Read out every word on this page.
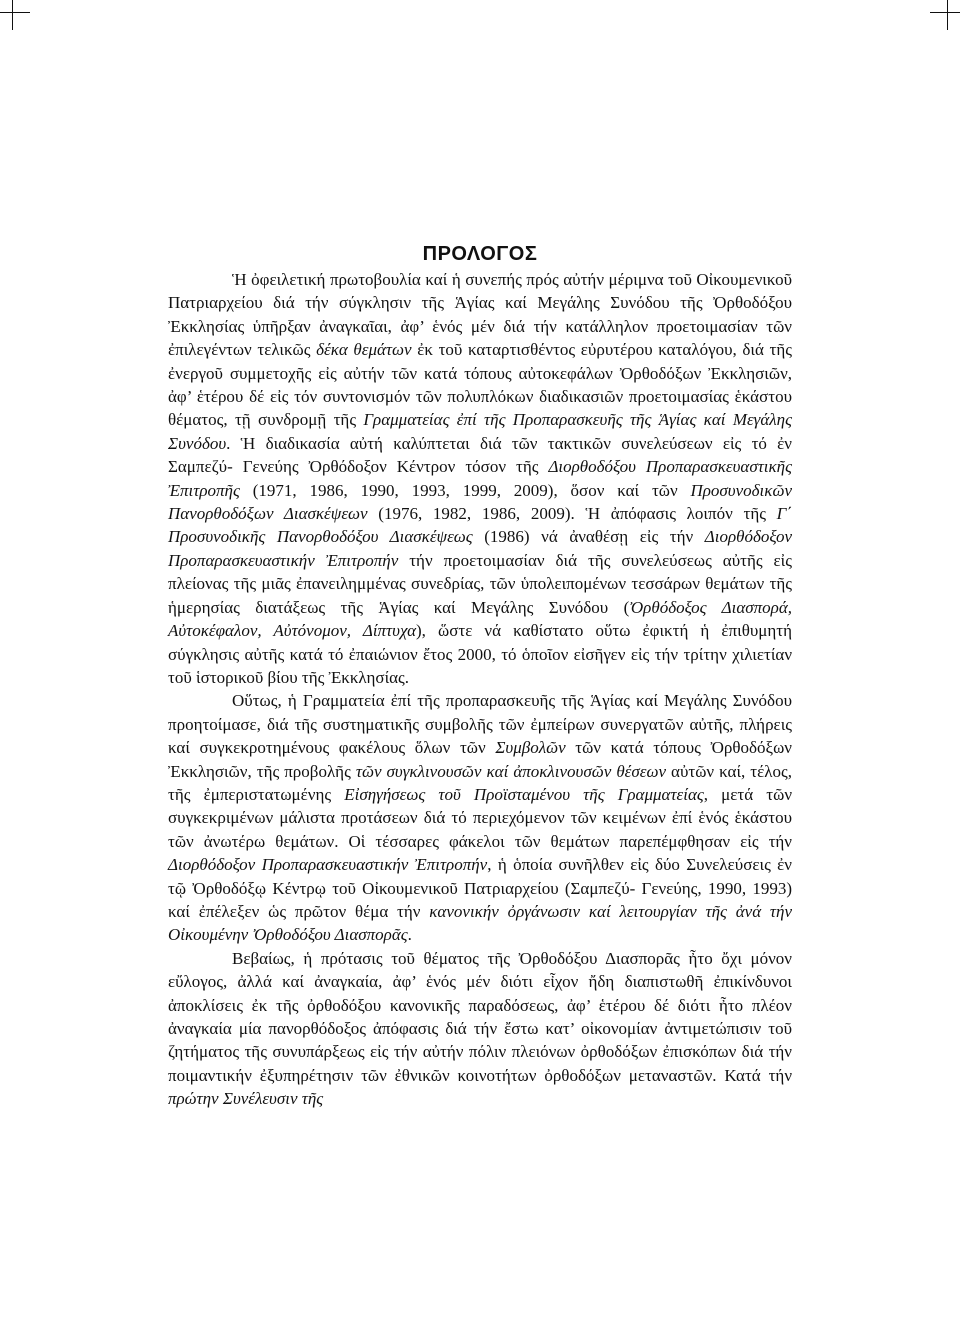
ΠΡΟΛΟΓΟΣ

Ἡ ὀφειλετική πρωτοβουλία καί ἡ συνεπής πρός αὐτήν μέριμνα τοῦ Οἰκουμενικοῦ Πατριαρχείου διά τήν σύγκλησιν τῆς Ἁγίας καί Μεγάλης Συνόδου τῆς Ὀρθοδόξου Ἐκκλησίας ὑπῆρξαν ἀναγκαῖαι, ἀφ’ ἑνός μέν διά τήν κατάλληλον προετοιμασίαν τῶν ἐπιλεγέντων τελικῶς δέκα θεμάτων ἐκ τοῦ καταρτισθέντος εὐρυτέρου καταλόγου, διά τῆς ἐνεργοῦ συμμετοχῆς εἰς αὐτήν τῶν κατά τόπους αὐτοκεφάλων Ὀρθοδόξων Ἐκκλησιῶν, ἀφ’ ἑτέρου δέ εἰς τόν συντονισμόν τῶν πολυπλόκων διαδικασιῶν προετοιμασίας ἑκάστου θέματος, τῇ συνδρομῇ τῆς Γραμματείας ἐπί τῆς Προπαρασκευῆς τῆς Ἁγίας καί Μεγάλης Συνόδου. Ἡ διαδικασία αὐτή καλύπτεται διά τῶν τακτικῶν συνελεύσεων εἰς τό ἐν Σαμπεζύ- Γενεύης Ὀρθόδοξον Κέντρον τόσον τῆς Διορθοδόξου Προπαρασκευαστικῆς Ἐπιτροπῆς (1971, 1986, 1990, 1993, 1999, 2009), ὅσον καί τῶν Προσυνοδικῶν Πανορθοδόξων Διασκέψεων (1976, 1982, 1986, 2009). Ἡ ἀπόφασις λοιπόν τῆς Γ΄ Προσυνοδικῆς Πανορθοδόξου Διασκέψεως (1986) νά ἀναθέσῃ εἰς τήν Διορθόδοξον Προπαρασκευαστικήν Ἐπιτροπήν τήν προετοιμασίαν διά τῆς συνελεύσεως αὐτῆς εἰς πλείονας τῆς μιᾶς ἐπανειλημμένας συνεδρίας, τῶν ὑπολειπομένων τεσσάρων θεμάτων τῆς ἡμερησίας διατάξεως τῆς Ἁγίας καί Μεγάλης Συνόδου (Ὀρθόδοξος Διασπορά, Αὐτοκέφαλον, Αὐτόνομον, Δίπτυχα), ὥστε νά καθίστατο οὕτω ἐφικτή ἡ ἐπιθυμητή σύγκλησις αὐτῆς κατά τό ἐπαιώνιον ἔτος 2000, τό ὁποῖον εἰσῆγεν εἰς τήν τρίτην χιλιετίαν τοῦ ἱστορικοῦ βίου τῆς Ἐκκλησίας.

Οὕτως, ἡ Γραμματεία ἐπί τῆς προπαρασκευῆς τῆς Ἁγίας καί Μεγάλης Συνόδου προητοίμασε, διά τῆς συστηματικῆς συμβολῆς τῶν ἐμπείρων συνεργατῶν αὐτῆς, πλήρεις καί συγκεκροτημένους φακέλους ὅλων τῶν Συμβολῶν τῶν κατά τόπους Ὀρθοδόξων Ἐκκλησιῶν, τῆς προβολῆς τῶν συγκλινουσῶν καί ἀποκλινουσῶν θέσεων αὐτῶν καί, τέλος, τῆς ἐμπεριστατωμένης Εἰσηγήσεως τοῦ Προϊσταμένου τῆς Γραμματείας, μετά τῶν συγκεκριμένων μάλιστα προτάσεων διά τό περιεχόμενον τῶν κειμένων ἐπί ἑνός ἑκάστου τῶν ἀνωτέρω θεμάτων. Οἱ τέσσαρες φάκελοι τῶν θεμάτων παρεπέμφθησαν εἰς τήν Διορθόδοξον Προπαρασκευαστικήν Ἐπιτροπήν, ἡ ὁποία συνῆλθεν εἰς δύο Συνελεύσεις ἐν τῷ Ὀρθοδόξῳ Κέντρῳ τοῦ Οἰκουμενικοῦ Πατριαρχείου (Σαμπεζύ- Γενεύης, 1990, 1993) καί ἐπέλεξεν ὡς πρῶτον θέμα τήν κανονικήν ὀργάνωσιν καί λειτουργίαν τῆς ἀνά τήν Οἰκουμένην Ὀρθοδόξου Διασπορᾶς.

Βεβαίως, ἡ πρότασις τοῦ θέματος τῆς Ὀρθοδόξου Διασπορᾶς ἦτο ὄχι μόνον εὔλογος, ἀλλά καί ἀναγκαία, ἀφ’ ἑνός μέν διότι εἶχον ἤδη διαπιστωθῆ ἐπικίνδυνοι ἀποκλίσεις ἐκ τῆς ὀρθοδόξου κανονικῆς παραδόσεως, ἀφ’ ἑτέρου δέ διότι ἦτο πλέον ἀναγκαία μία πανορθόδοξος ἀπόφασις διά τήν ἔστω κατ’ οἰκονομίαν ἀντιμετώπισιν τοῦ ζητήματος τῆς συνυπάρξεως εἰς τήν αὐτήν πόλιν πλειόνων ὀρθοδόξων ἐπισκόπων διά τήν ποιμαντικήν ἐξυπηρέτησιν τῶν ἐθνικῶν κοινοτήτων ὀρθοδόξων μεταναστῶν. Κατά τήν πρώτην Συνέλευσιν τῆς
